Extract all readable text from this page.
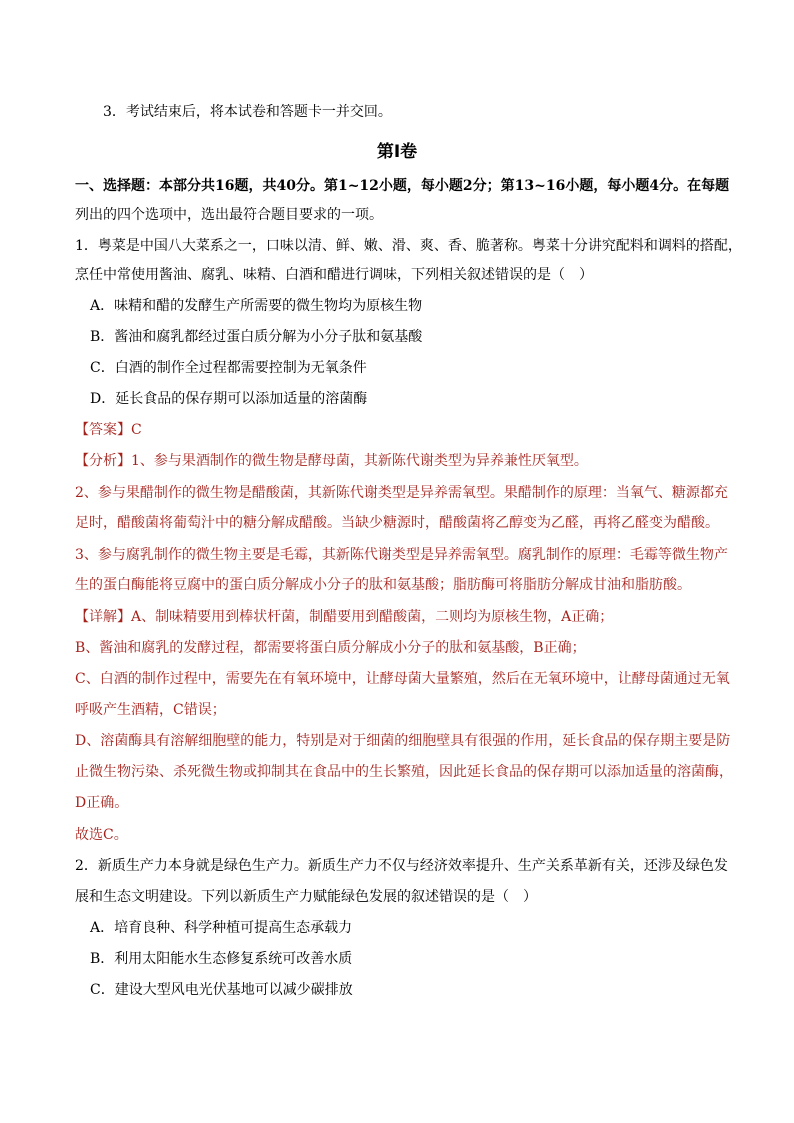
3．考试结束后，将本试卷和答题卡一并交回。
第Ⅰ卷
一、选择题：本部分共16题，共40分。第1~12小题，每小题2分；第13~16小题，每小题4分。在每题
列出的四个选项中，选出最符合题目要求的一项。
1．粤菜是中国八大菜系之一，口味以清、鲜、嫩、滑、爽、香、脆著称。粤菜十分讲究配料和调料的搭配，
烹任中常使用酱油、腐乳、味精、白酒和醋进行调味，下列相关叙述错误的是（　）
A．味精和醋的发酵生产所需要的微生物均为原核生物
B．酱油和腐乳都经过蛋白质分解为小分子肽和氨基酸
C．白酒的制作全过程都需要控制为无氧条件
D．延长食品的保存期可以添加适量的溶菌酶
【答案】C
【分析】1、参与果酒制作的微生物是酵母菌，其新陈代谢类型为异养兼性厌氧型。
2、参与果醋制作的微生物是醋酸菌，其新陈代谢类型是异养需氧型。果醋制作的原理：当氧气、糖源都充
足时，醋酸菌将葡萄汁中的糖分解成醋酸。当缺少糖源时，醋酸菌将乙醇变为乙醛，再将乙醛变为醋酸。
3、参与腐乳制作的微生物主要是毛霉，其新陈代谢类型是异养需氧型。腐乳制作的原理：毛霉等微生物产
生的蛋白酶能将豆腐中的蛋白质分解成小分子的肽和氨基酸；脂肪酶可将脂肪分解成甘油和脂肪酸。
【详解】A、制味精要用到棒状杆菌，制醋要用到醋酸菌，二则均为原核生物，A正确；
B、酱油和腐乳的发酵过程，都需要将蛋白质分解成小分子的肽和氨基酸，B正确；
C、白酒的制作过程中，需要先在有氧环境中，让酵母菌大量繁殖，然后在无氧环境中，让酵母菌通过无氧
呼吸产生酒精，C错误；
D、溶菌酶具有溶解细胞壁的能力，特别是对于细菌的细胞壁具有很强的作用，延长食品的保存期主要是防
止微生物污染、杀死微生物或抑制其在食品中的生长繁殖，因此延长食品的保存期可以添加适量的溶菌酶，
D正确。
故选C。
2．新质生产力本身就是绿色生产力。新质生产力不仅与经济效率提升、生产关系革新有关，还涉及绿色发
展和生态文明建设。下列以新质生产力赋能绿色发展的叙述错误的是（　）
A．培育良种、科学种植可提高生态承载力
B．利用太阳能水生态修复系统可改善水质
C．建设大型风电光伏基地可以减少碳排放
